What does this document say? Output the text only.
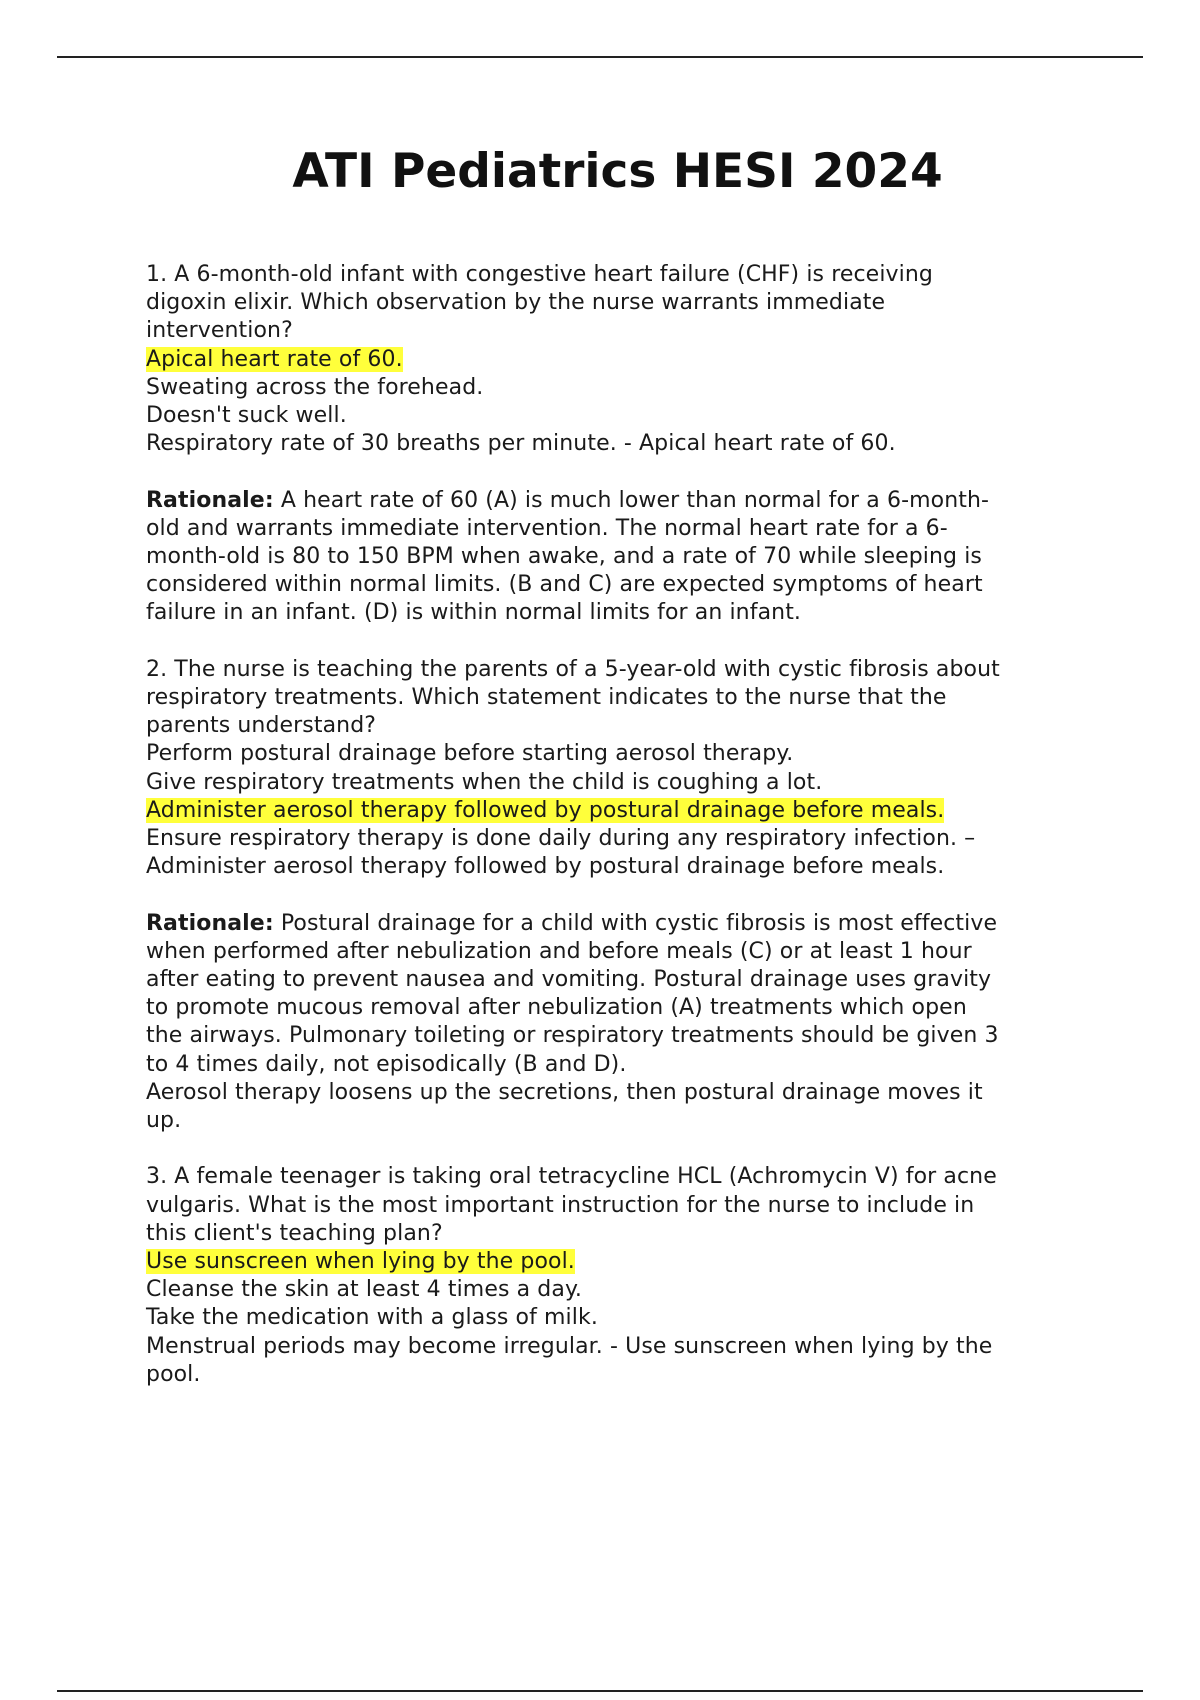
ATI Pediatrics HESI 2024
1. A 6-month-old infant with congestive heart failure (CHF) is receiving
digoxin elixir. Which observation by the nurse warrants immediate
intervention?
Apical heart rate of 60.
Sweating across the forehead.
Doesn't suck well.
Respiratory rate of 30 breaths per minute. - Apical heart rate of 60.
Rationale: A heart rate of 60 (A) is much lower than normal for a 6-month-
old and warrants immediate intervention. The normal heart rate for a 6-
month-old is 80 to 150 BPM when awake, and a rate of 70 while sleeping is
considered within normal limits. (B and C) are expected symptoms of heart
failure in an infant. (D) is within normal limits for an infant.
2. The nurse is teaching the parents of a 5-year-old with cystic fibrosis about
respiratory treatments. Which statement indicates to the nurse that the
parents understand?
Perform postural drainage before starting aerosol therapy.
Give respiratory treatments when the child is coughing a lot.
Administer aerosol therapy followed by postural drainage before meals.
Ensure respiratory therapy is done daily during any respiratory infection. –
Administer aerosol therapy followed by postural drainage before meals.
Rationale: Postural drainage for a child with cystic fibrosis is most effective
when performed after nebulization and before meals (C) or at least 1 hour
after eating to prevent nausea and vomiting. Postural drainage uses gravity
to promote mucous removal after nebulization (A) treatments which open
the airways. Pulmonary toileting or respiratory treatments should be given 3
to 4 times daily, not episodically (B and D).
Aerosol therapy loosens up the secretions, then postural drainage moves it
up.
3. A female teenager is taking oral tetracycline HCL (Achromycin V) for acne
vulgaris. What is the most important instruction for the nurse to include in
this client's teaching plan?
Use sunscreen when lying by the pool.
Cleanse the skin at least 4 times a day.
Take the medication with a glass of milk.
Menstrual periods may become irregular. - Use sunscreen when lying by the
pool.
